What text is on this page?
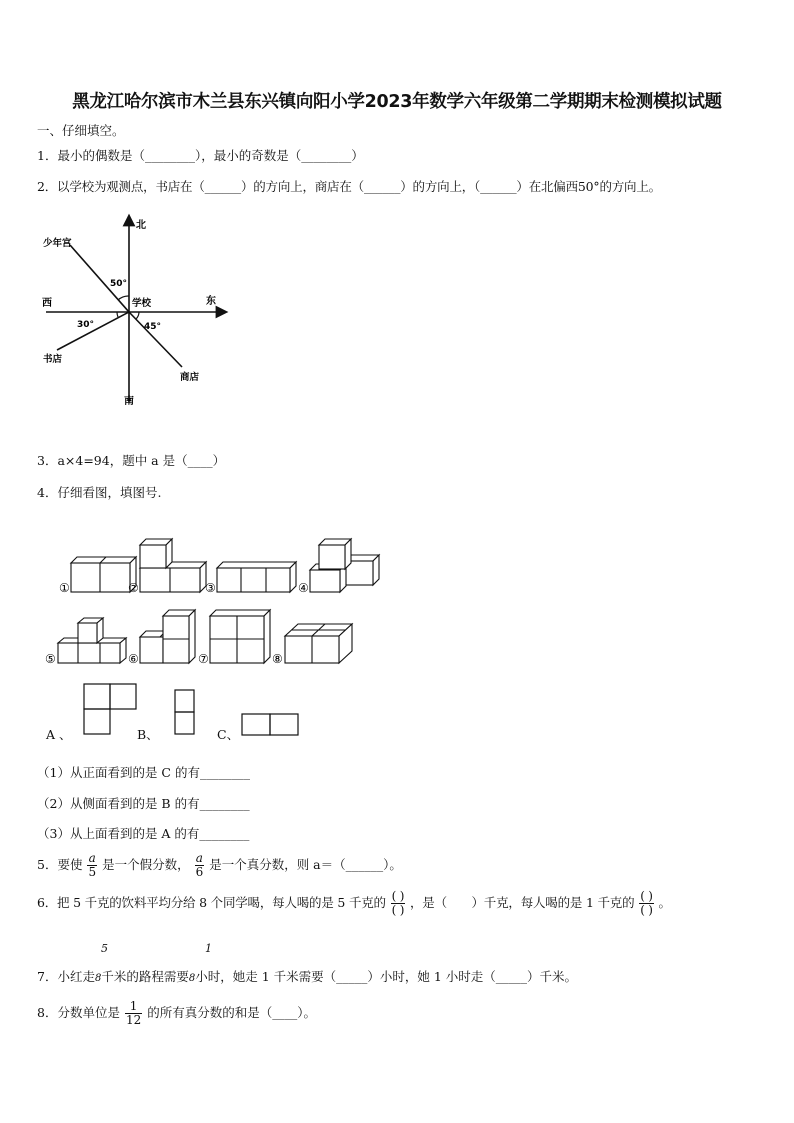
黑龙江哈尔滨市木兰县东兴镇向阳小学2023年数学六年级第二学期期末检测模拟试题
一、仔细填空。
1．最小的偶数是（________），最小的奇数是（________）
2．以学校为观测点，书店在（______）的方向上，商店在（______）的方向上，（______）在北偏西50°的方向上。
北
南
东
西	学校
少年宫
书店
商店
50°
30°	45°
3．a×4=94，题中 a 是（____）
4．仔细看图，填图号.
①	②	③	④
⑤	⑥	⑦	⑧
A 、	B、	C、
（1）从正面看到的是 C 的有________
（2）从侧面看到的是 B 的有________
（3）从上面看到的是 A 的有________
5．要使 $\frac{a}{5}$ 是一个假分数， $\frac{a}{6}$ 是一个真分数，则 a＝（______）。
6．把 5 千克的饮料平均分给 8 个同学喝，每人喝的是 5 千克的 $\frac{( )}{( )}$ ，是（　　）千克，每人喝的是 1 千克的 $\frac{( )}{( )}$ 。
5	1
7．小红走8千米的路程需要8小时，她走 1 千米需要（_____）小时，她 1 小时走（_____）千米。
8．分数单位是 $\frac{1}{12}$ 的所有真分数的和是（____）。
